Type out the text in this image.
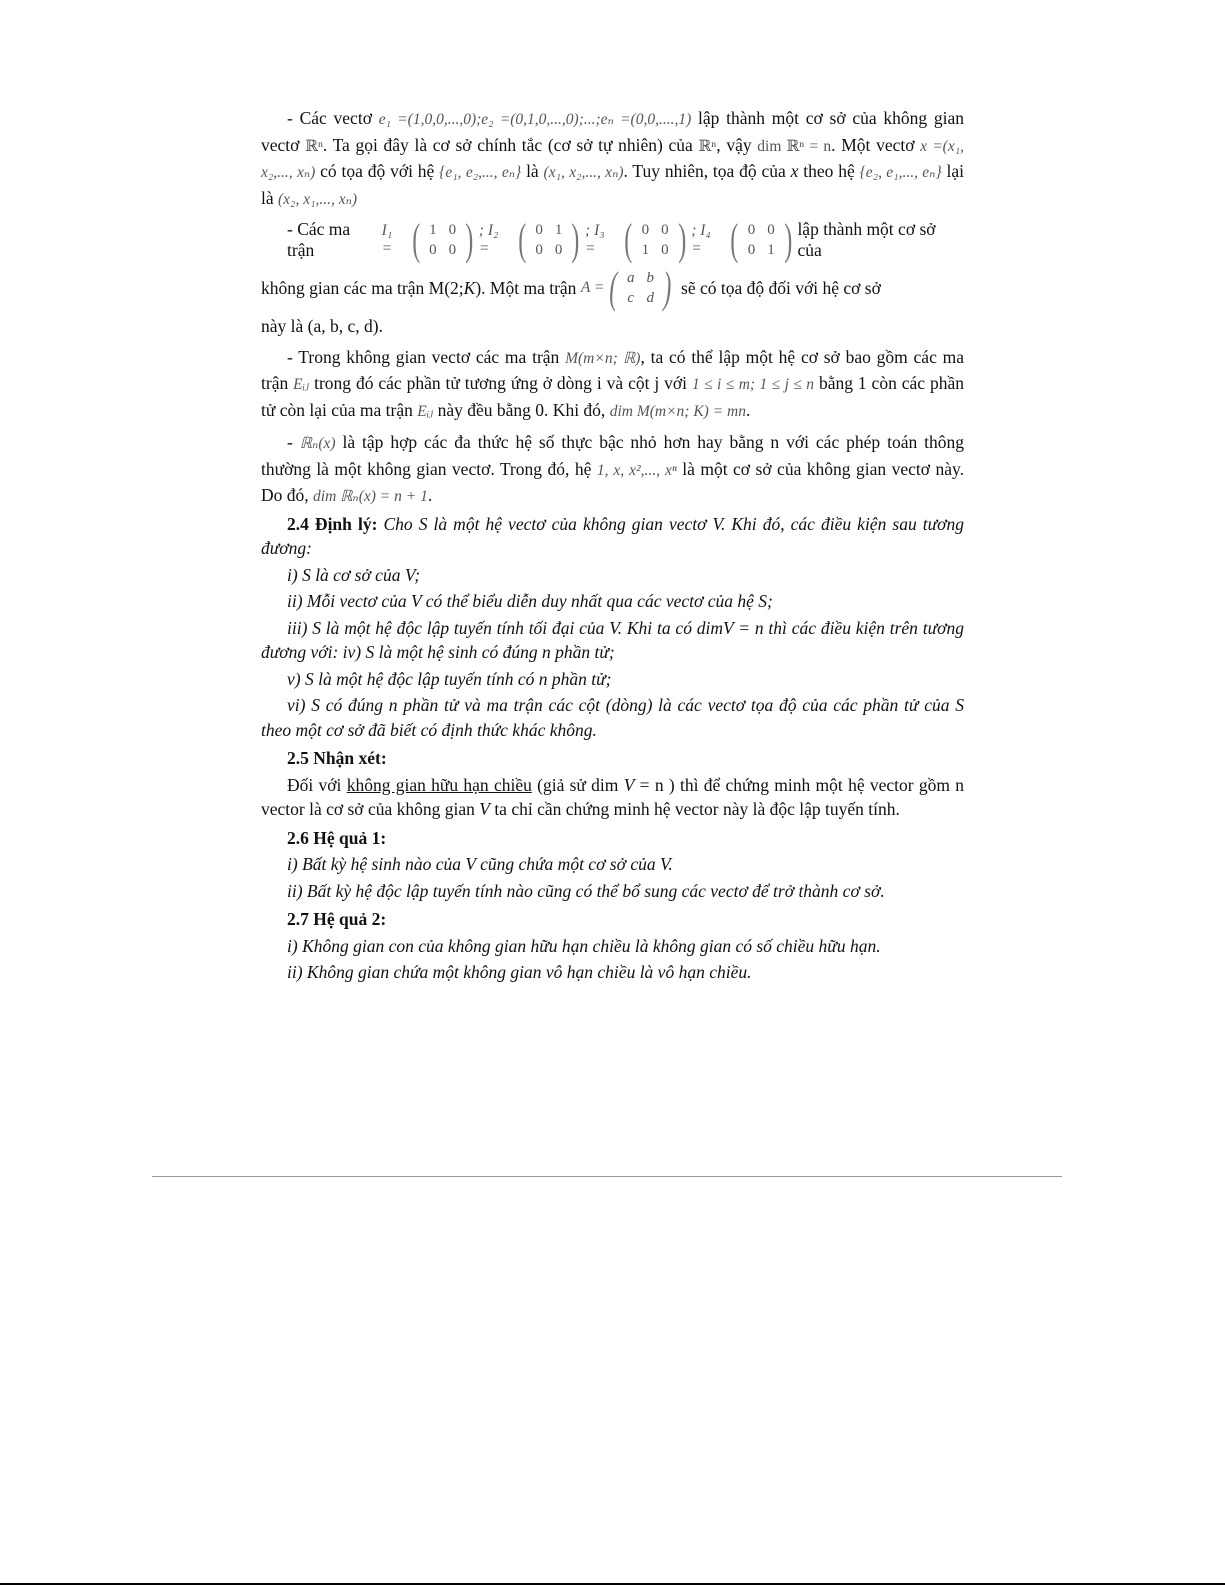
- Các vectơ e₁ =(1,0,0,...,0);e₂ =(0,1,0,...,0);...;eₙ =(0,0,....,1) lập thành một cơ sở của không gian vectơ ℝⁿ. Ta gọi đây là cơ sở chính tắc (cơ sở tự nhiên) của ℝⁿ, vậy dim ℝⁿ = n. Một vectơ x =(x₁, x₂,..., xₙ) có tọa độ với hệ {e₁, e₂,..., eₙ} là (x₁, x₂,..., xₙ). Tuy nhiên, tọa độ của x theo hệ {e₂, e₁,..., eₙ} lại là (x₂, x₁,..., xₙ)

- Các ma trận
I₁ = ( 1	0
0	0 ) ; I₂ = ( 0	1
0	0 ) ; I₃ = ( 0	0
1	0 ) ; I₄ = ( 0	0
0	1 ) lập thành một cơ sở của
không gian các ma trận M(2; K ). Một ma trận A = ( a	b
c	d ) sẽ có tọa độ đối với hệ cơ sở

này là (a, b, c, d).

- Trong không gian vectơ các ma trận M(m×n; ℝ), ta có thể lập một hệ cơ sở bao gồm các ma trận Eᵢⱼ trong đó các phần tử tương ứng ở dòng i và cột j với 1 ≤ i ≤ m; 1 ≤ j ≤ n bằng 1 còn các phần tử còn lại của ma trận Eᵢⱼ này đều bằng 0. Khi đó, dim M(m×n; K) = mn.

- ℝₙ(x) là tập hợp các đa thức hệ số thực bậc nhỏ hơn hay bằng n với các phép toán thông thường là một không gian vectơ. Trong đó, hệ 1, x, x²,..., xⁿ là một cơ sở của không gian vectơ này. Do đó, dim ℝₙ(x) = n + 1.

2.4 Định lý: Cho S là một hệ vectơ của không gian vectơ V. Khi đó, các điều kiện sau tương đương:

i) S là cơ sở của V;

ii) Mỗi vectơ của V có thể biểu diễn duy nhất qua các vectơ của hệ S;

iii) S là một hệ độc lập tuyến tính tối đại của V. Khi ta có dimV = n thì các điều kiện trên tương đương với: iv) S là một hệ sinh có đúng n phần tử;

v) S là một hệ độc lập tuyến tính có n phần tử;

vi) S có đúng n phần tử và ma trận các cột (dòng) là các vectơ tọa độ của các phần tử của S theo một cơ sở đã biết có định thức khác không.

2.5 Nhận xét:

Đối với không gian hữu hạn chiều (giả sử dim V = n ) thì để chứng minh một hệ vector gồm n vector là cơ sở của không gian V ta chỉ cần chứng minh hệ vector này là độc lập tuyến tính.

2.6 Hệ quả 1:

i) Bất kỳ hệ sinh nào của V cũng chứa một cơ sở của V.

ii) Bất kỳ hệ độc lập tuyến tính nào cũng có thể bổ sung các vectơ để trở thành cơ sở.

2.7 Hệ quả 2:

i) Không gian con của không gian hữu hạn chiều là không gian có số chiều hữu hạn.

ii) Không gian chứa một không gian vô hạn chiều là vô hạn chiều.
